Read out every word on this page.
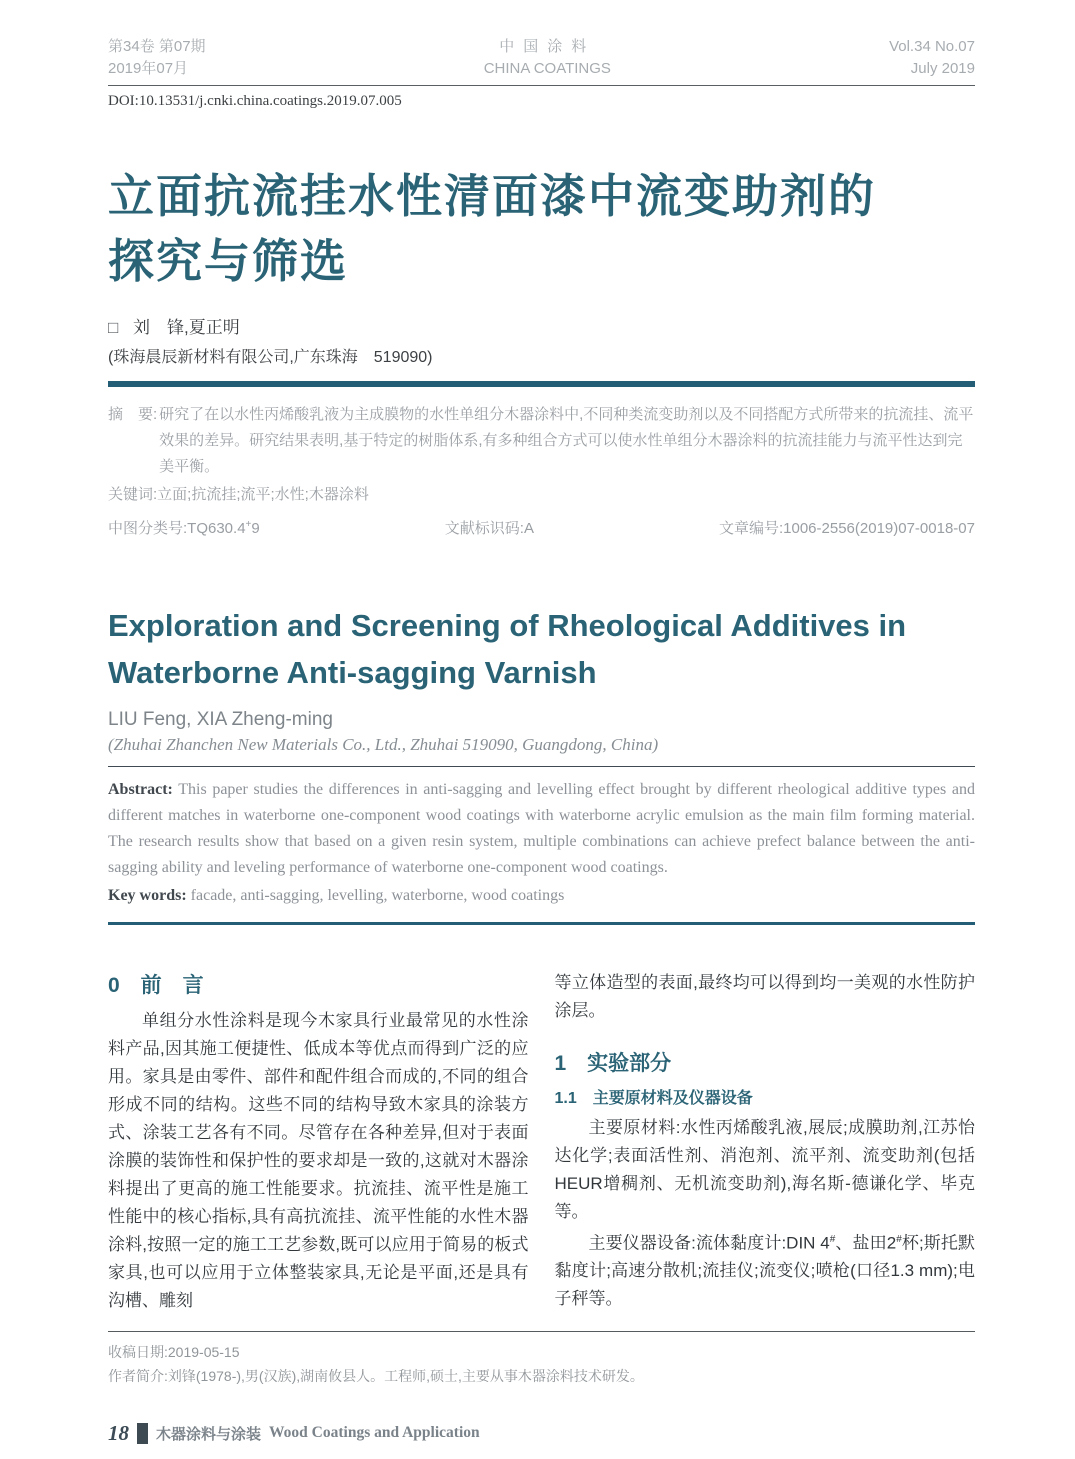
第34卷 第07期
2019年07月
中国涂料
CHINA COATINGS
Vol.34 No.07
July 2019
DOI:10.13531/j.cnki.china.coatings.2019.07.005
立面抗流挂水性清面漆中流变助剂的
探究与筛选
□ 刘　锋,夏正明
(珠海晨辰新材料有限公司,广东珠海　519090)
摘　要: 研究了在以水性丙烯酸乳液为主成膜物的水性单组分木器涂料中,不同种类流变助剂以及不同搭配方式所带来的抗流挂、流平效果的差异。研究结果表明,基于特定的树脂体系,有多种组合方式可以使水性单组分木器涂料的抗流挂能力与流平性达到完美平衡。
关键词:立面;抗流挂;流平;水性;木器涂料
中图分类号:TQ630.4+9	文献标识码:A	文章编号:1006-2556(2019)07-0018-07
Exploration and Screening of Rheological Additives in
Waterborne Anti-sagging Varnish
LIU Feng, XIA Zheng-ming
(Zhuhai Zhanchen New Materials Co., Ltd., Zhuhai 519090, Guangdong, China)
Abstract: This paper studies the differences in anti-sagging and levelling effect brought by different rheological additive types and different matches in waterborne one-component wood coatings with waterborne acrylic emulsion as the main film forming material. The research results show that based on a given resin system, multiple combinations can achieve prefect balance between the anti-sagging ability and leveling performance of waterborne one-component wood coatings.
Key words: facade, anti-sagging, levelling, waterborne, wood coatings
0　前　言

单组分水性涂料是现今木家具行业最常见的水性涂料产品,因其施工便捷性、低成本等优点而得到广泛的应用。家具是由零件、部件和配件组合而成的,不同的组合形成不同的结构。这些不同的结构导致木家具的涂装方式、涂装工艺各有不同。尽管存在各种差异,但对于表面涂膜的装饰性和保护性的要求却是一致的,这就对木器涂料提出了更高的施工性能要求。抗流挂、流平性是施工性能中的核心指标,具有高抗流挂、流平性能的水性木器涂料,按照一定的施工工艺参数,既可以应用于简易的板式家具,也可以应用于立体整装家具,无论是平面,还是具有沟槽、雕刻

等立体造型的表面,最终均可以得到均一美观的水性防护涂层。

1　实验部分
1.1　主要原材料及仪器设备

主要原材料:水性丙烯酸乳液,展辰;成膜助剂,江苏怡达化学;表面活性剂、消泡剂、流平剂、流变助剂(包括HEUR增稠剂、无机流变助剂),海名斯-德谦化学、毕克等。

主要仪器设备:流体黏度计:DIN 4#、盐田2#杯;斯托默黏度计;高速分散机;流挂仪;流变仪;喷枪(口径1.3 mm);电子秤等。

收稿日期:2019-05-15
作者简介:刘锋(1978-),男(汉族),湖南攸县人。工程师,硕士,主要从事木器涂料技术研发。
18 木器涂料与涂装 Wood Coatings and Application
